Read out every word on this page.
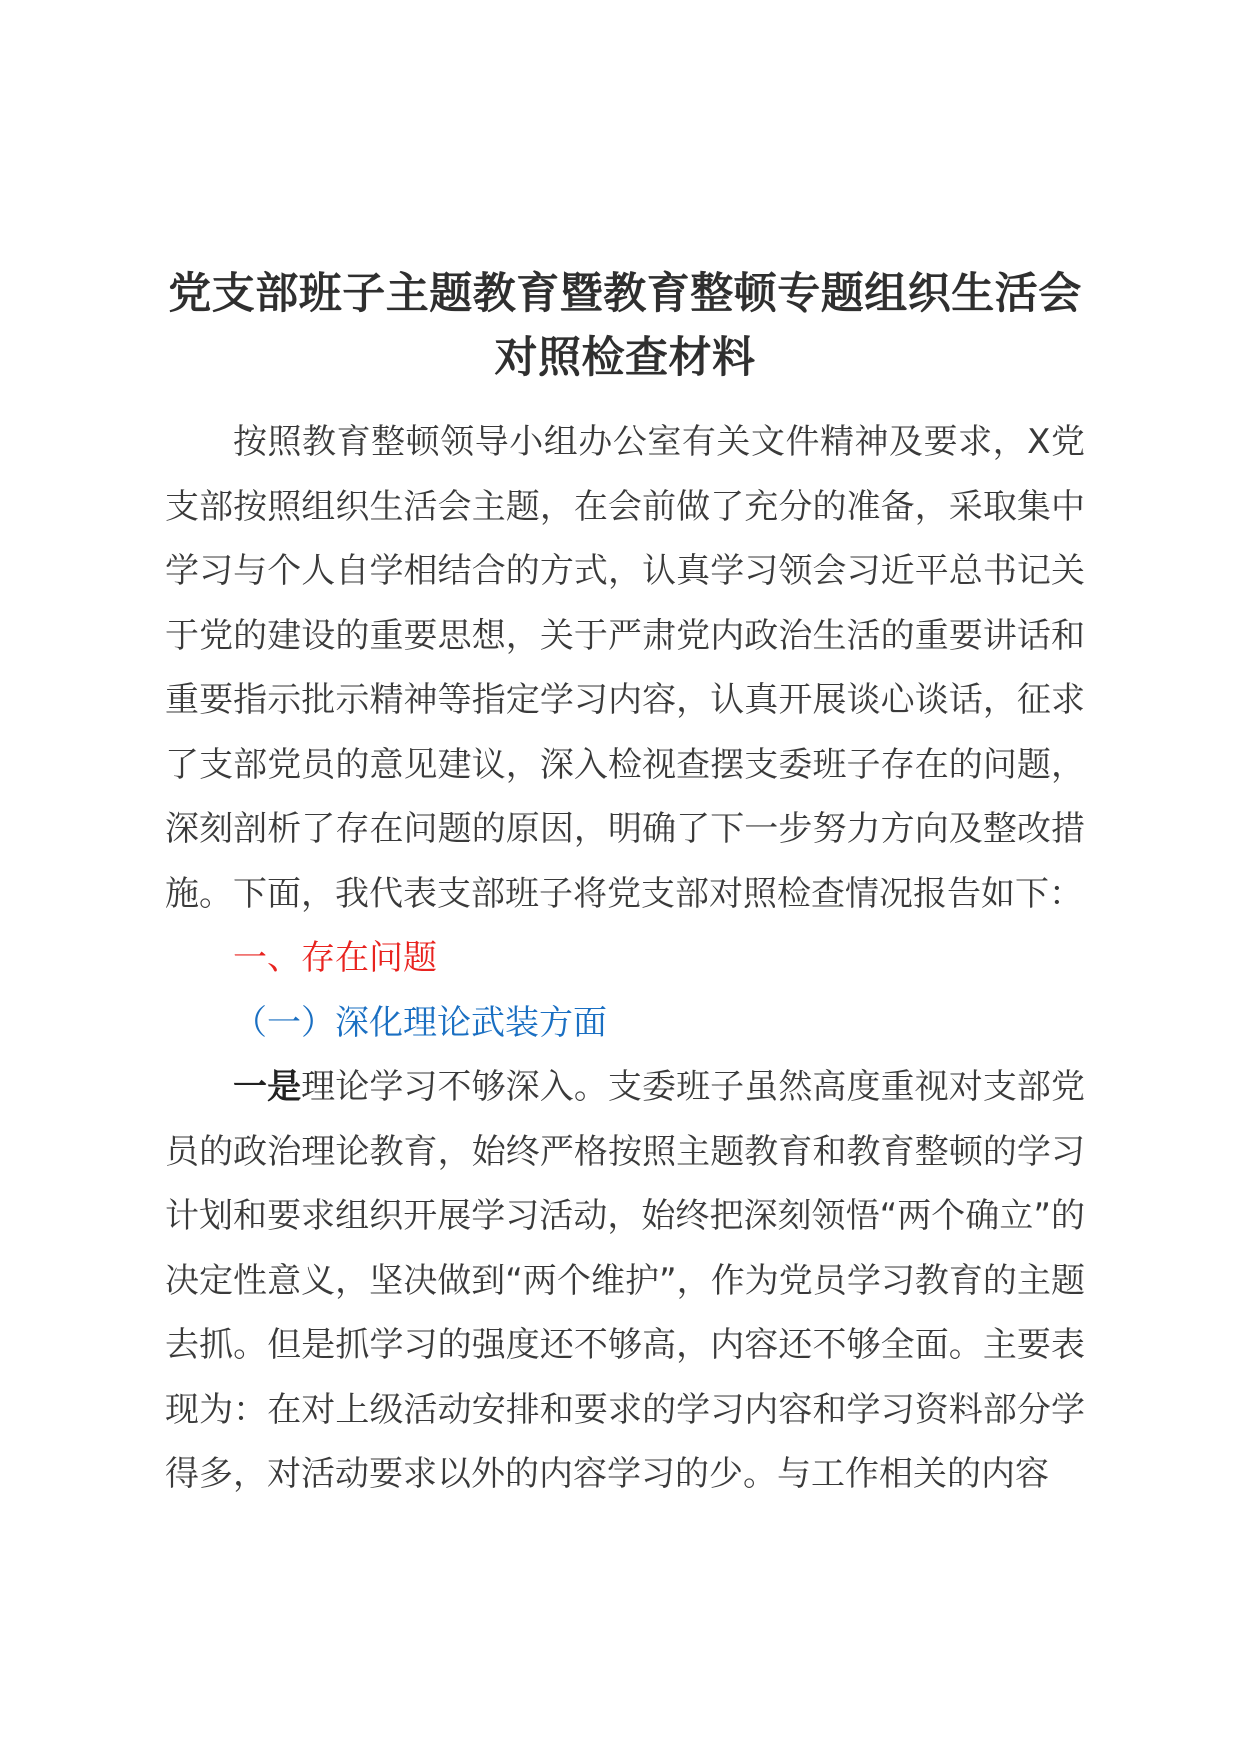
党支部班子主题教育暨教育整顿专题组织生活会对照检查材料

按照教育整顿领导小组办公室有关文件精神及要求，X党支部按照组织生活会主题，在会前做了充分的准备，采取集中学习与个人自学相结合的方式，认真学习领会习近平总书记关于党的建设的重要思想，关于严肃党内政治生活的重要讲话和重要指示批示精神等指定学习内容，认真开展谈心谈话，征求了支部党员的意见建议，深入检视查摆支委班子存在的问题，深刻剖析了存在问题的原因，明确了下一步努力方向及整改措施。下面，我代表支部班子将党支部对照检查情况报告如下：

一、存在问题

（一）深化理论武装方面

一是理论学习不够深入。支委班子虽然高度重视对支部党员的政治理论教育，始终严格按照主题教育和教育整顿的学习计划和要求组织开展学习活动，始终把深刻领悟“两个确立”的决定性意义，坚决做到“两个维护”，作为党员学习教育的主题去抓。但是抓学习的强度还不够高，内容还不够全面。主要表现为：在对上级活动安排和要求的学习内容和学习资料部分学得多，对活动要求以外的内容学习的少。与工作相关的内容
